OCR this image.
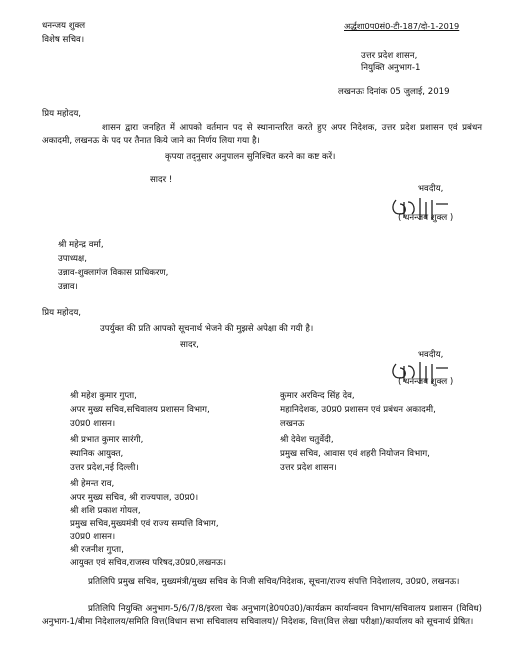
धनन्जय शुक्ल
विशेष सचिव।
अर्द्धशा0प0सं0-टी-187/दो-1-2019
उत्तर प्रदेश शासन,
नियुक्ति अनुभाग-1
लखनऊः दिनांक 05 जुलाई, 2019
प्रिय महोदय,
शासन द्वारा जनहित में आपको वर्तमान पद से स्थानान्तरित करते हुए अपर निदेशक, उत्तर प्रदेश प्रशासन एवं प्रबंधन अकादमी, लखनऊ के पद पर तैनात किये जाने का निर्णय लिया गया है।
कृपया तद्नुसार अनुपालन सुनिश्चित करने का कष्ट करें।
सादर !
भवदीय,
( धनन्जय शुक्ल )
श्री महेन्द्र वर्मा,
उपाध्यक्ष,
उन्नाव-शुक्लागंज विकास प्राधिकरण,
उन्नाव।
प्रिय महोदय,
उपर्युक्त की प्रति आपको सूचनार्थ भेजने की मुझसे अपेक्षा की गयी है।
सादर,
भवदीय,
( धनन्जय शुक्ल )
श्री महेश कुमार गुप्ता,
अपर मुख्य सचिव,सचिवालय प्रशासन विभाग,
उ0प्र0 शासन।
श्री प्रभात कुमार सारंगी,
स्थानिक आयुक्त,
उत्तर प्रदेश,नई दिल्ली।
श्री हेमन्त राव,
अपर मुख्य सचिव, श्री राज्यपाल, उ0प्र0।
श्री शशि प्रकाश गोयल,
प्रमुख सचिव,मुख्यमंत्री एवं राज्य सम्पत्ति विभाग,
उ0प्र0 शासन।
श्री रजनीश गुप्ता,
आयुक्त एवं सचिव,राजस्व परिषद,उ0प्र0,लखनऊ।
कुमार अरविन्द सिंह देव,
महानिदेशक, उ0प्र0 प्रशासन एवं प्रबंधन अकादमी,
लखनऊ
श्री देवेश चतुर्वेदी,
प्रमुख सचिव, आवास एवं शहरी नियोजन विभाग,
उत्तर प्रदेश शासन।
प्रतिलिपि प्रमुख सचिव, मुख्यमंत्री/मुख्य सचिव के निजी सचिव/निदेशक, सूचना/राज्य संपत्ति निदेशालय, उ0प्र0, लखनऊ।
प्रतिलिपि नियुक्ति अनुभाग-5/6/7/8/इरला चेक अनुभाग(डे0प0उ0)/कार्यक्रम कार्यान्वयन विभाग/सचिवालय प्रशासन (विविध) अनुभाग-1/बीमा निदेशालय/समिति वित्त(विधान सभा सचिवालय सचिवालय)/ निदेशक, वित्त(वित्त लेखा परीक्षा)/कार्यालय को सूचनार्थ प्रेषित।
